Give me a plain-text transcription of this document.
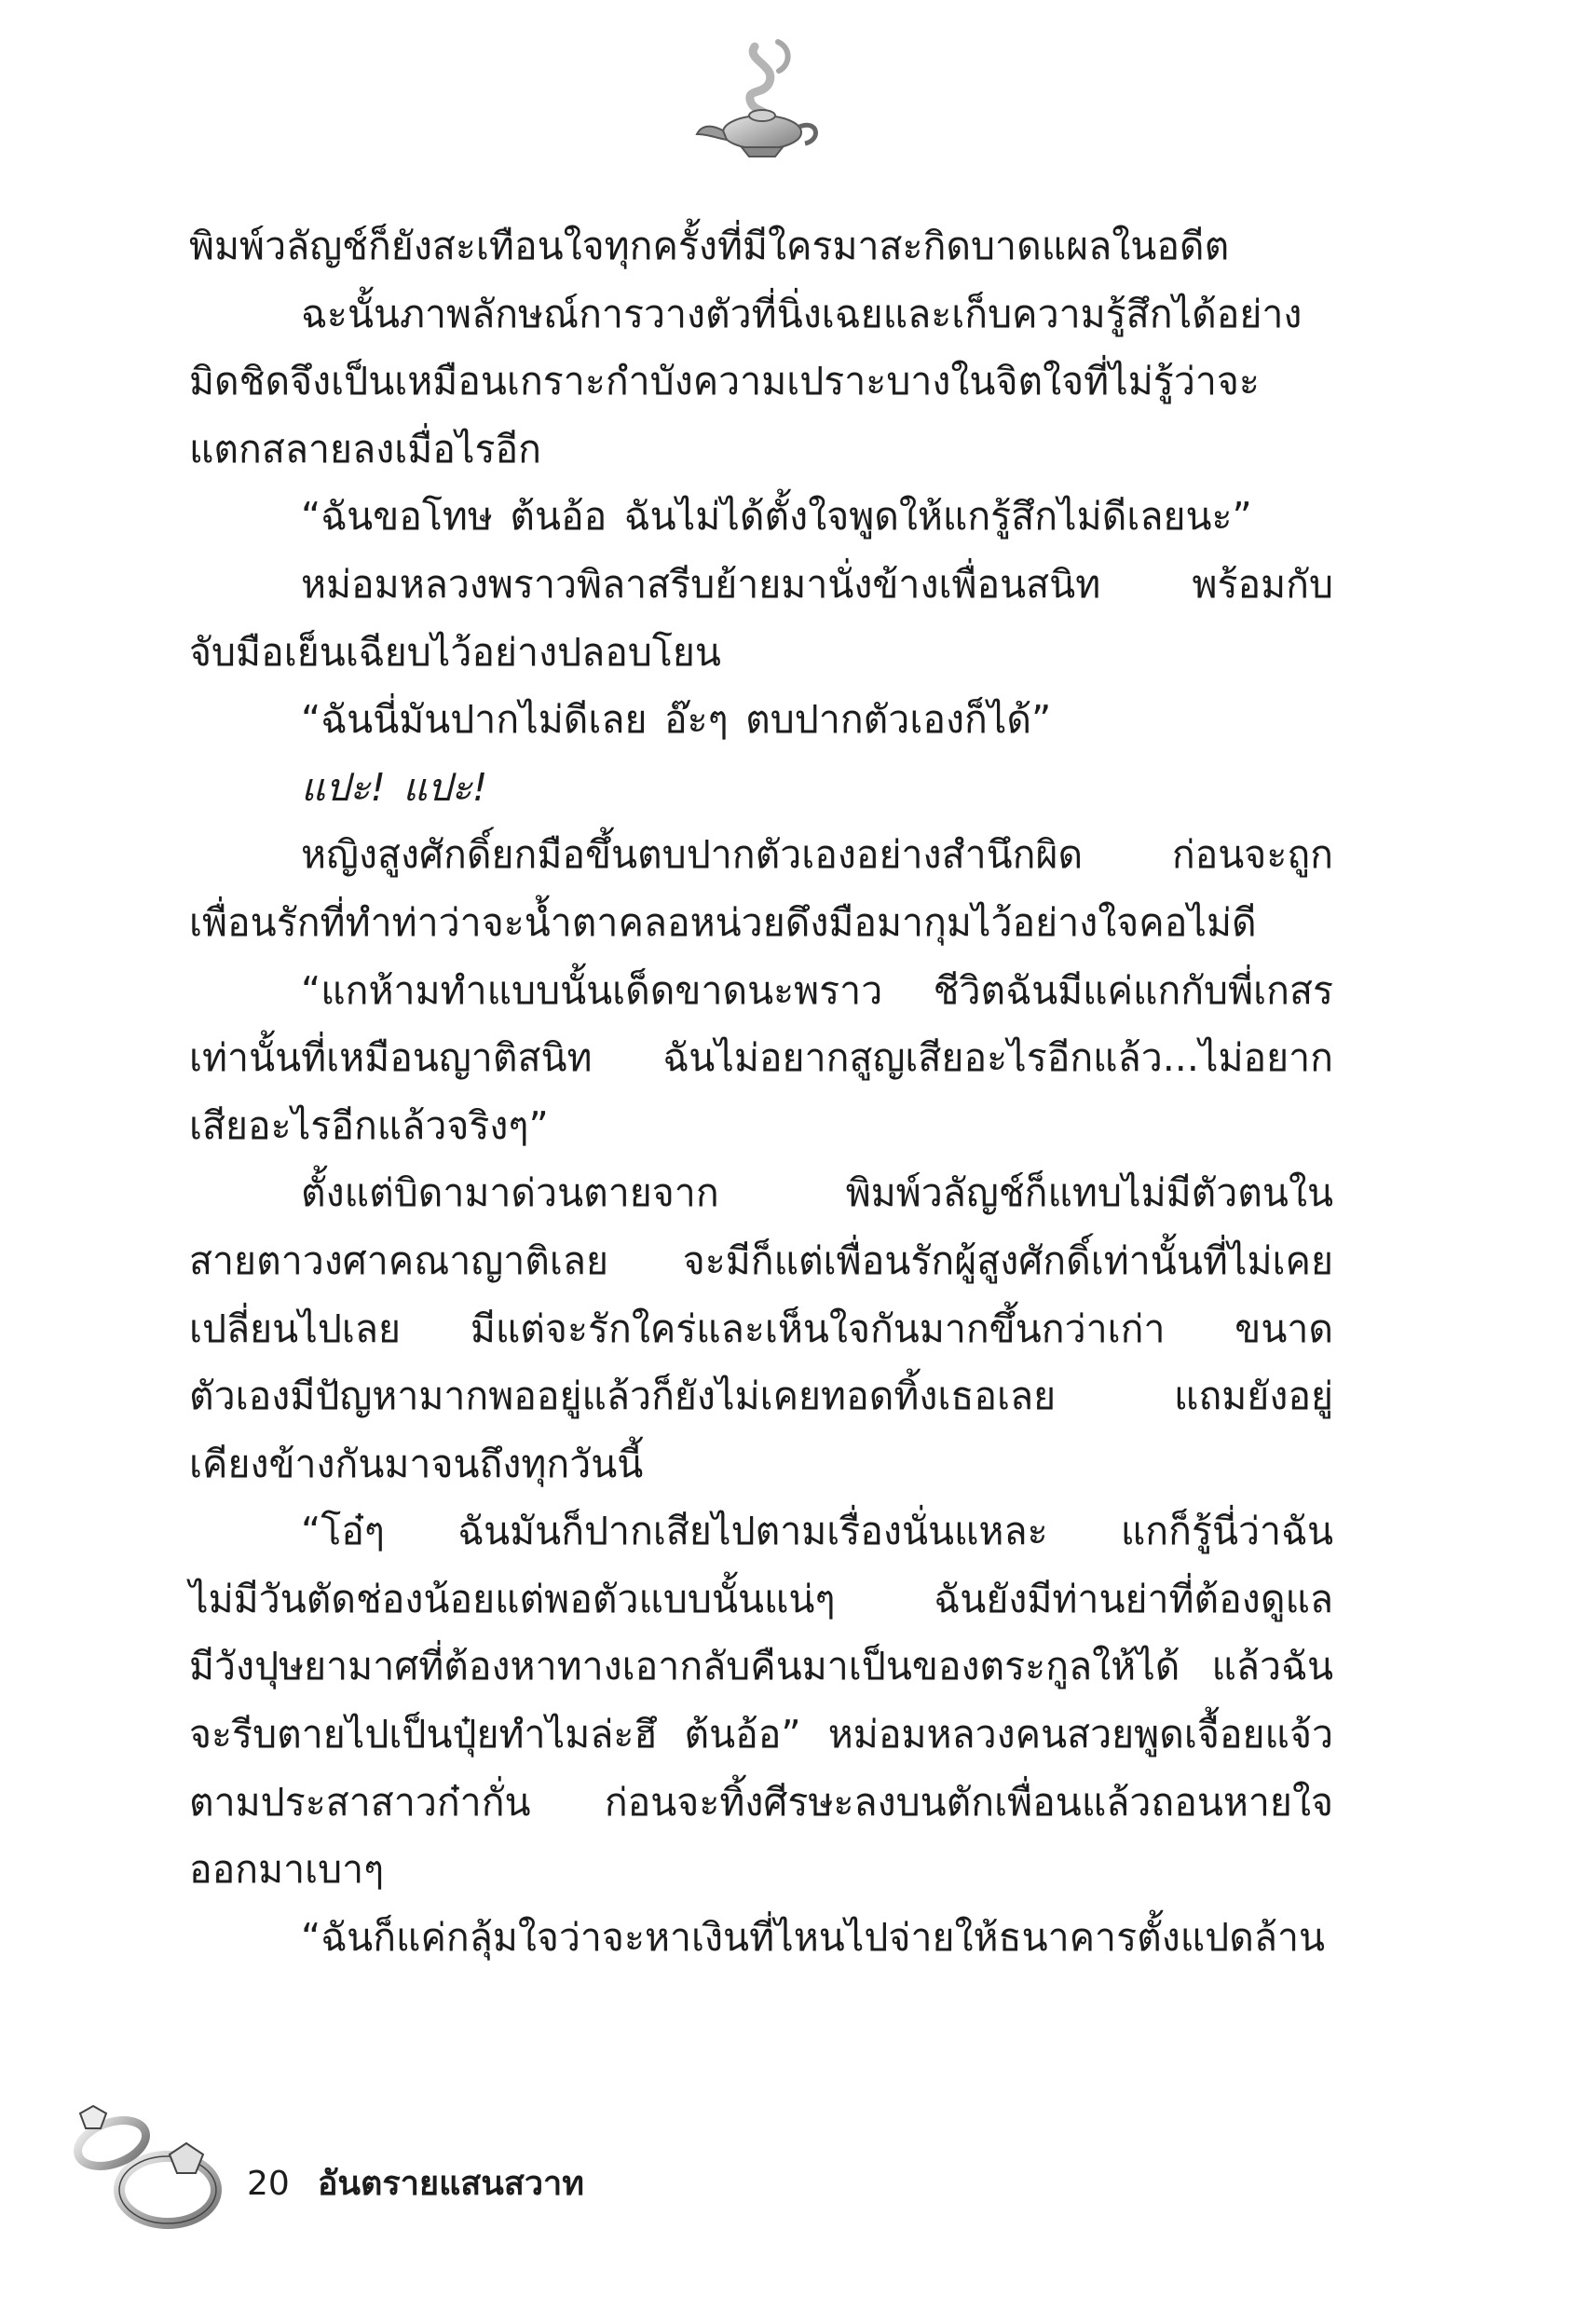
พิมพ์วลัญช์ก็ยังสะเทือนใจทุกครั้งที่มีใครมาสะกิดบาดแผลในอดีต
ฉะนั้นภาพลักษณ์การวางตัวที่นิ่งเฉยและเก็บความรู้สึกได้อย่าง
มิดชิดจึงเป็นเหมือนเกราะกำบังความเปราะบางในจิตใจที่ไม่รู้ว่าจะ
แตกสลายลงเมื่อไรอีก
“ฉันขอโทษ ต้นอ้อ ฉันไม่ได้ตั้งใจพูดให้แกรู้สึกไม่ดีเลยนะ”
หม่อมหลวงพราวพิลาสรีบย้ายมานั่งข้างเพื่อนสนิท พร้อมกับ
จับมือเย็นเฉียบไว้อย่างปลอบโยน
“ฉันนี่มันปากไม่ดีเลย อ๊ะๆ ตบปากตัวเองก็ได้”
แปะ! แปะ!
หญิงสูงศักดิ์ยกมือขึ้นตบปากตัวเองอย่างสำนึกผิด ก่อนจะถูก
เพื่อนรักที่ทำท่าว่าจะน้ำตาคลอหน่วยดึงมือมากุมไว้อย่างใจคอไม่ดี
“แกห้ามทำแบบนั้นเด็ดขาดนะพราว ชีวิตฉันมีแค่แกกับพี่เกสร
เท่านั้นที่เหมือนญาติสนิท ฉันไม่อยากสูญเสียอะไรอีกแล้ว...ไม่อยาก
เสียอะไรอีกแล้วจริงๆ”
ตั้งแต่บิดามาด่วนตายจาก	พิมพ์วลัญช์ก็แทบไม่มีตัวตนใน
สายตาวงศาคณาญาติเลย จะมีก็แต่เพื่อนรักผู้สูงศักดิ์เท่านั้นที่ไม่เคย
เปลี่ยนไปเลย มีแต่จะรักใคร่และเห็นใจกันมากขึ้นกว่าเก่า ขนาด
ตัวเองมีปัญหามากพออยู่แล้วก็ยังไม่เคยทอดทิ้งเธอเลย	แถมยังอยู่
เคียงข้างกันมาจนถึงทุกวันนี้
“โอ๋ๆ ฉันมันก็ปากเสียไปตามเรื่องนั่นแหละ แกก็รู้นี่ว่าฉัน
ไม่มีวันตัดช่องน้อยแต่พอตัวแบบนั้นแน่ๆ	ฉันยังมีท่านย่าที่ต้องดูแล
มีวังปุษยามาศที่ต้องหาทางเอากลับคืนมาเป็นของตระกูลให้ได้ แล้วฉัน
จะรีบตายไปเป็นปุ๋ยทำไมล่ะฮึ ต้นอ้อ” หม่อมหลวงคนสวยพูดเจื้อยแจ้ว
ตามประสาสาวก๋ากั่น ก่อนจะทิ้งศีรษะลงบนตักเพื่อนแล้วถอนหายใจ
ออกมาเบาๆ
“ฉันก็แค่กลุ้มใจว่าจะหาเงินที่ไหนไปจ่ายให้ธนาคารตั้งแปดล้าน
20 อันตรายแสนสวาท
